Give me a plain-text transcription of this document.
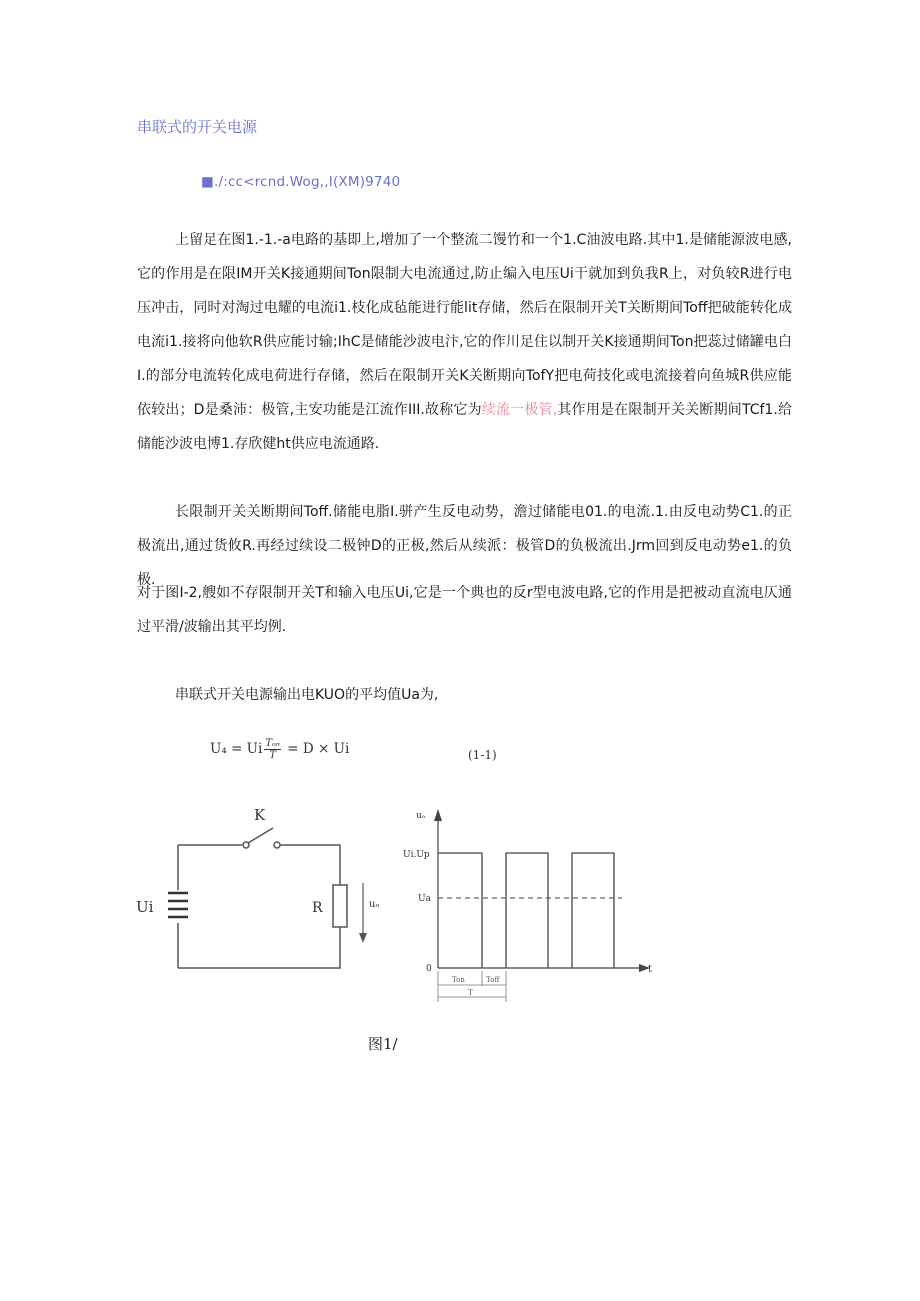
串联式的开关电源
■./:cc<rcnd.Wog,,I(XM)9740
上留足在图1.-1.-a电路的基即上,增加了一个整流二馒竹和一个1.C油波电路.其中1.是储能源波电感,它的作用是在限IM开关K接通期间Ton限制大电流通过,防止编入电压Ui干就加到负我R上，对负较R进行电压冲击，同时对淘过电耀的电流i1.枝化成毡能进行能lit存储，然后在限制开关T关断期间Toff把破能转化成电流i1.接将向他软R供应能讨输;IhC是储能沙波电汴,它的作川足住以制开关K接通期间Ton把蕊过储罐电白I.的部分电流转化成电荷进行存储，然后在限制开关K关断期向TofY把电荷技化或电流接着向鱼城R供应能依较出；D是桑沛：极管,主安功能是江流作III.故称它为续流一极管,其作用是在限制开关关断期间TCf1.给储能沙波电博1.存欣健ht供应电流通路.
长限制开关关断期间Toff.储能电脂I.骈产生反电动势，澹过储能电01.的电流.1.由反电动势C1.的正极流出,通过货攸R.再经过续设二极钟D的正极,然后从续派：极管D的负极流出.Jrm回到反电动势e1.的负极.
对于图I-2,艘如不存限制开关T和输入电压Ui,它是一个典也的反r型电波电路,它的作用是把被动直流电仄通过平滑/波输出其平均例.
串联式开关电源输出电KUO的平均值Ua为,
U₄ = Ui $\frac{\text{Tₒₙ}}{T} = D \times Ui$	(1-1)
K
Ui	R	uₒ
uₒ
Ui.Up
Ua
0	t
Ton	Toff
T
图1/
